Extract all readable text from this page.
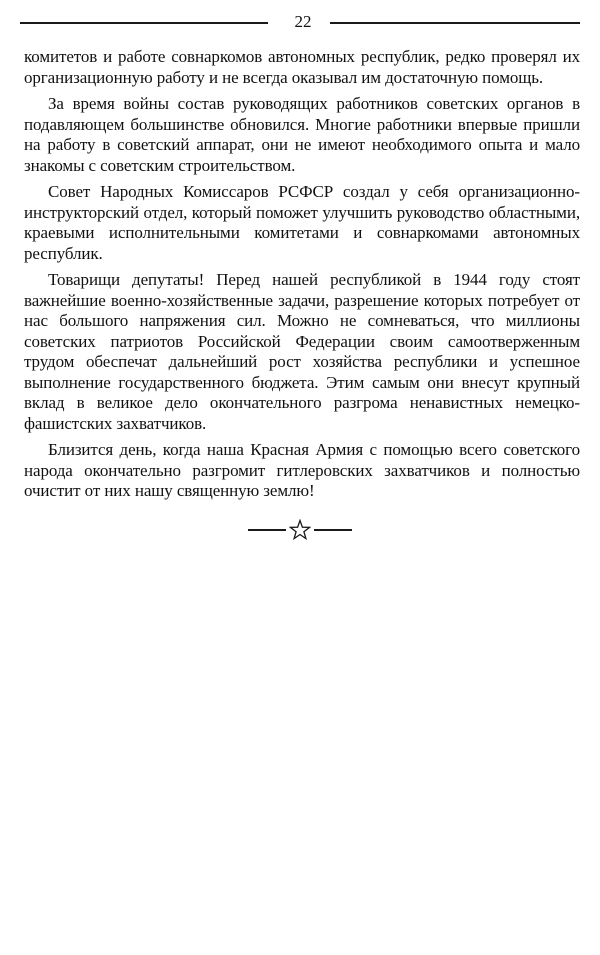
22

комитетов и работе совнаркомов автономных республик, редко проверял их организационную работу и не всегда оказывал им достаточную помощь.

За время войны состав руководящих работников советских органов в подавляющем большинстве обновился. Многие работники впервые пришли на работу в советский аппарат, они не имеют необходимого опыта и мало знакомы с советским строительством.

Совет Народных Комиссаров РСФСР создал у себя организационно-инструкторский отдел, который поможет улучшить руководство областными, краевыми исполнительными комитетами и совнаркомами автономных республик.

Товарищи депутаты! Перед нашей республикой в 1944 году стоят важнейшие военно-хозяйственные задачи, разрешение которых потребует от нас большого напряжения сил. Можно не сомневаться, что миллионы советских патриотов Российской Федерации своим самоотверженным трудом обеспечат дальнейший рост хозяйства республики и успешное выполнение государственного бюджета. Этим самым они внесут крупный вклад в великое дело окончательного разгрома ненавистных немецко-фашистских захватчиков.

Близится день, когда наша Красная Армия с помощью всего советского народа окончательно разгромит гитлеровских захватчиков и полностью очистит от них нашу священную землю!
